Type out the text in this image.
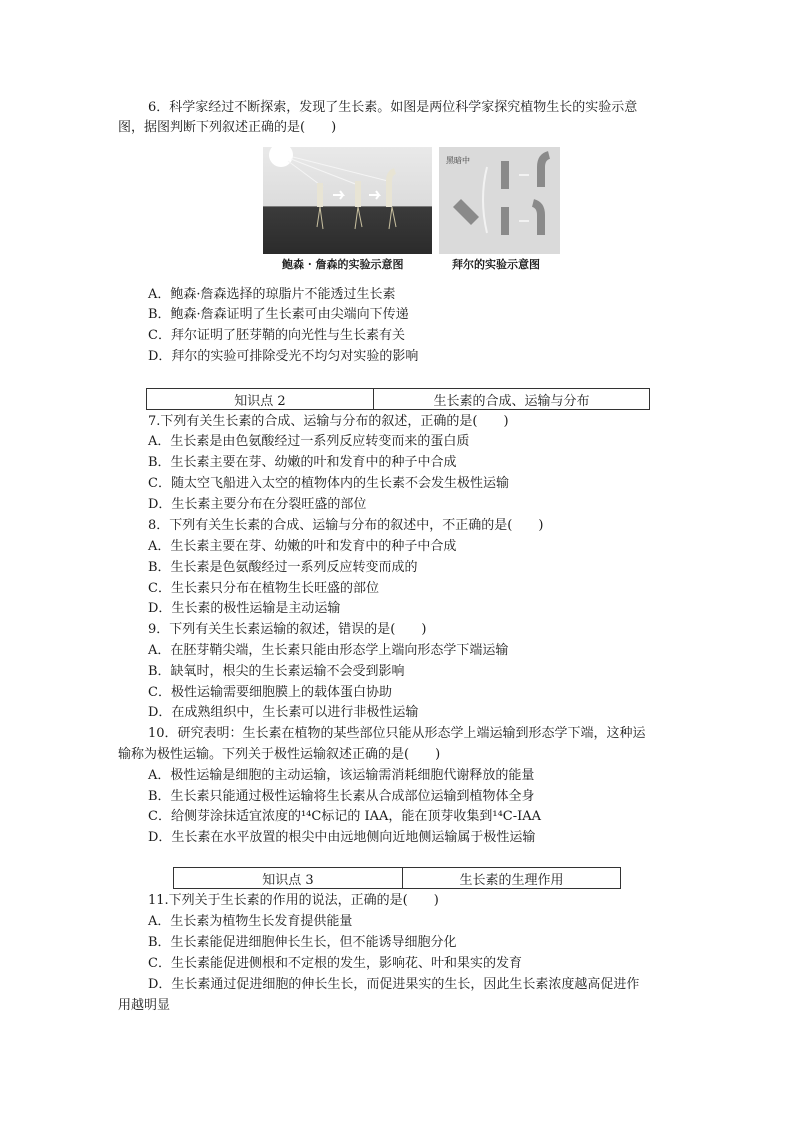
6．科学家经过不断探索，发现了生长素。如图是两位科学家探究植物生长的实验示意
图，据图判断下列叙述正确的是(　　)
黑暗中
鲍森 · 詹森的实验示意图	拜尔的实验示意图
A．鲍森·詹森选择的琼脂片不能透过生长素
B．鲍森·詹森证明了生长素可由尖端向下传递
C．拜尔证明了胚芽鞘的向光性与生长素有关
D．拜尔的实验可排除受光不均匀对实验的影响
知识点 2	生长素的合成、运输与分布
7.下列有关生长素的合成、运输与分布的叙述，正确的是(　　)
A．生长素是由色氨酸经过一系列反应转变而来的蛋白质
B．生长素主要在芽、幼嫩的叶和发育中的种子中合成
C．随太空飞船进入太空的植物体内的生长素不会发生极性运输
D．生长素主要分布在分裂旺盛的部位
8．下列有关生长素的合成、运输与分布的叙述中，不正确的是(　　)
A．生长素主要在芽、幼嫩的叶和发育中的种子中合成
B．生长素是色氨酸经过一系列反应转变而成的
C．生长素只分布在植物生长旺盛的部位
D．生长素的极性运输是主动运输
9．下列有关生长素运输的叙述，错误的是(　　)
A．在胚芽鞘尖端，生长素只能由形态学上端向形态学下端运输
B．缺氧时，根尖的生长素运输不会受到影响
C．极性运输需要细胞膜上的载体蛋白协助
D．在成熟组织中，生长素可以进行非极性运输
10．研究表明：生长素在植物的某些部位只能从形态学上端运输到形态学下端，这种运
输称为极性运输。下列关于极性运输叙述正确的是(　　)
A．极性运输是细胞的主动运输，该运输需消耗细胞代谢释放的能量
B．生长素只能通过极性运输将生长素从合成部位运输到植物体全身
C．给侧芽涂抹适宜浓度的¹⁴C标记的 IAA，能在顶芽收集到¹⁴C-IAA
D．生长素在水平放置的根尖中由远地侧向近地侧运输属于极性运输
知识点 3	生长素的生理作用
11.下列关于生长素的作用的说法，正确的是(　　)
A．生长素为植物生长发育提供能量
B．生长素能促进细胞伸长生长，但不能诱导细胞分化
C．生长素能促进侧根和不定根的发生，影响花、叶和果实的发育
D．生长素通过促进细胞的伸长生长，而促进果实的生长，因此生长素浓度越高促进作
用越明显
